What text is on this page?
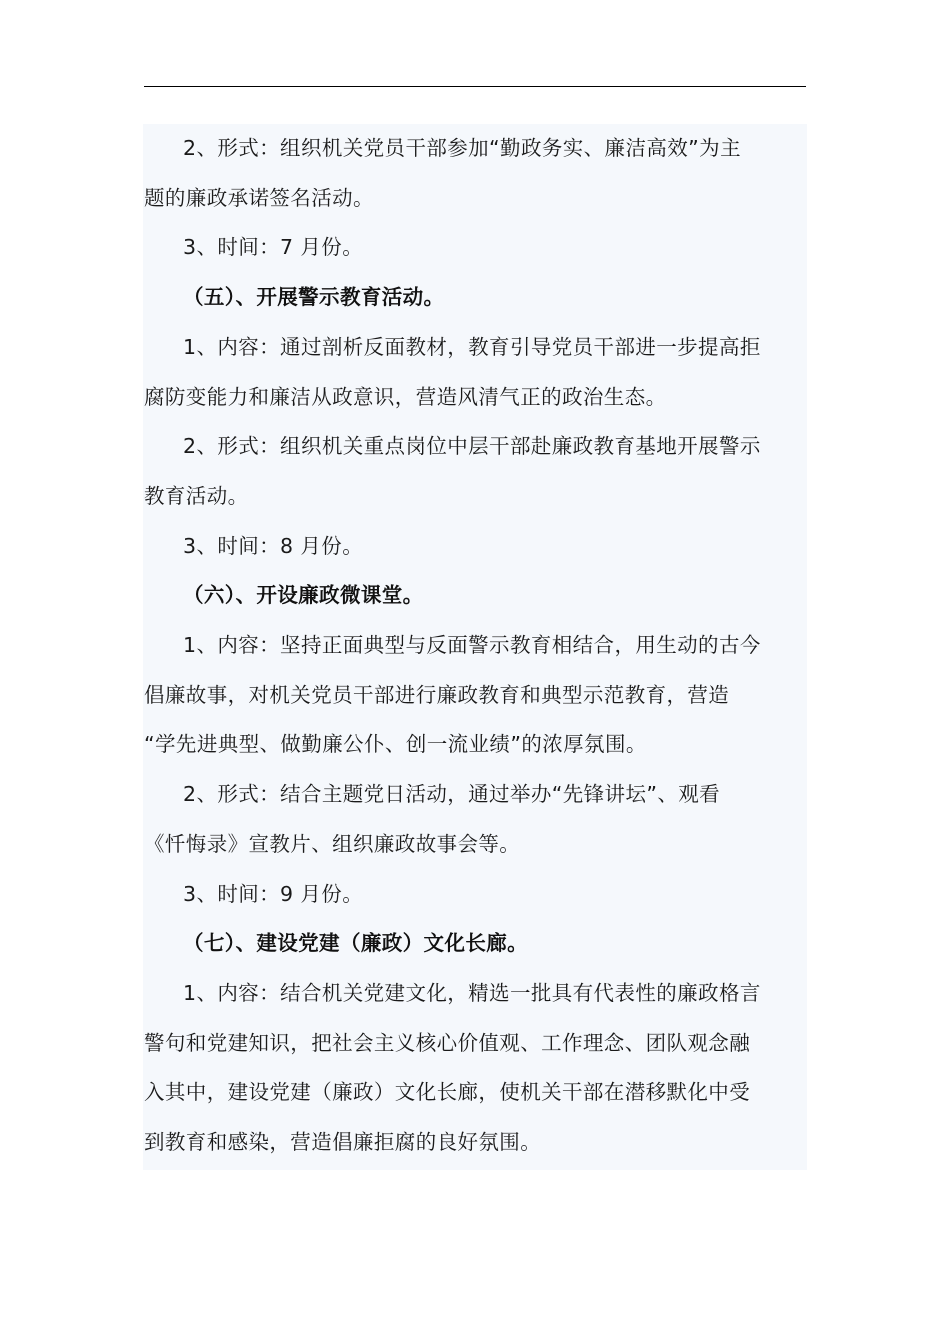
2、形式：组织机关党员干部参加“勤政务实、廉洁高效”为主
题的廉政承诺签名活动。
3、时间：7 月份。
（五）、开展警示教育活动。
1、内容：通过剖析反面教材，教育引导党员干部进一步提高拒
腐防变能力和廉洁从政意识，营造风清气正的政治生态。
2、形式：组织机关重点岗位中层干部赴廉政教育基地开展警示
教育活动。
3、时间：8 月份。
（六）、开设廉政微课堂。
1、内容：坚持正面典型与反面警示教育相结合，用生动的古今
倡廉故事，对机关党员干部进行廉政教育和典型示范教育，营造
“学先进典型、做勤廉公仆、创一流业绩”的浓厚氛围。
2、形式：结合主题党日活动，通过举办“先锋讲坛”、观看
《忏悔录》宣教片、组织廉政故事会等。
3、时间：9 月份。
（七）、建设党建（廉政）文化长廊。
1、内容：结合机关党建文化，精选一批具有代表性的廉政格言
警句和党建知识，把社会主义核心价值观、工作理念、团队观念融
入其中，建设党建（廉政）文化长廊，使机关干部在潜移默化中受
到教育和感染，营造倡廉拒腐的良好氛围。
